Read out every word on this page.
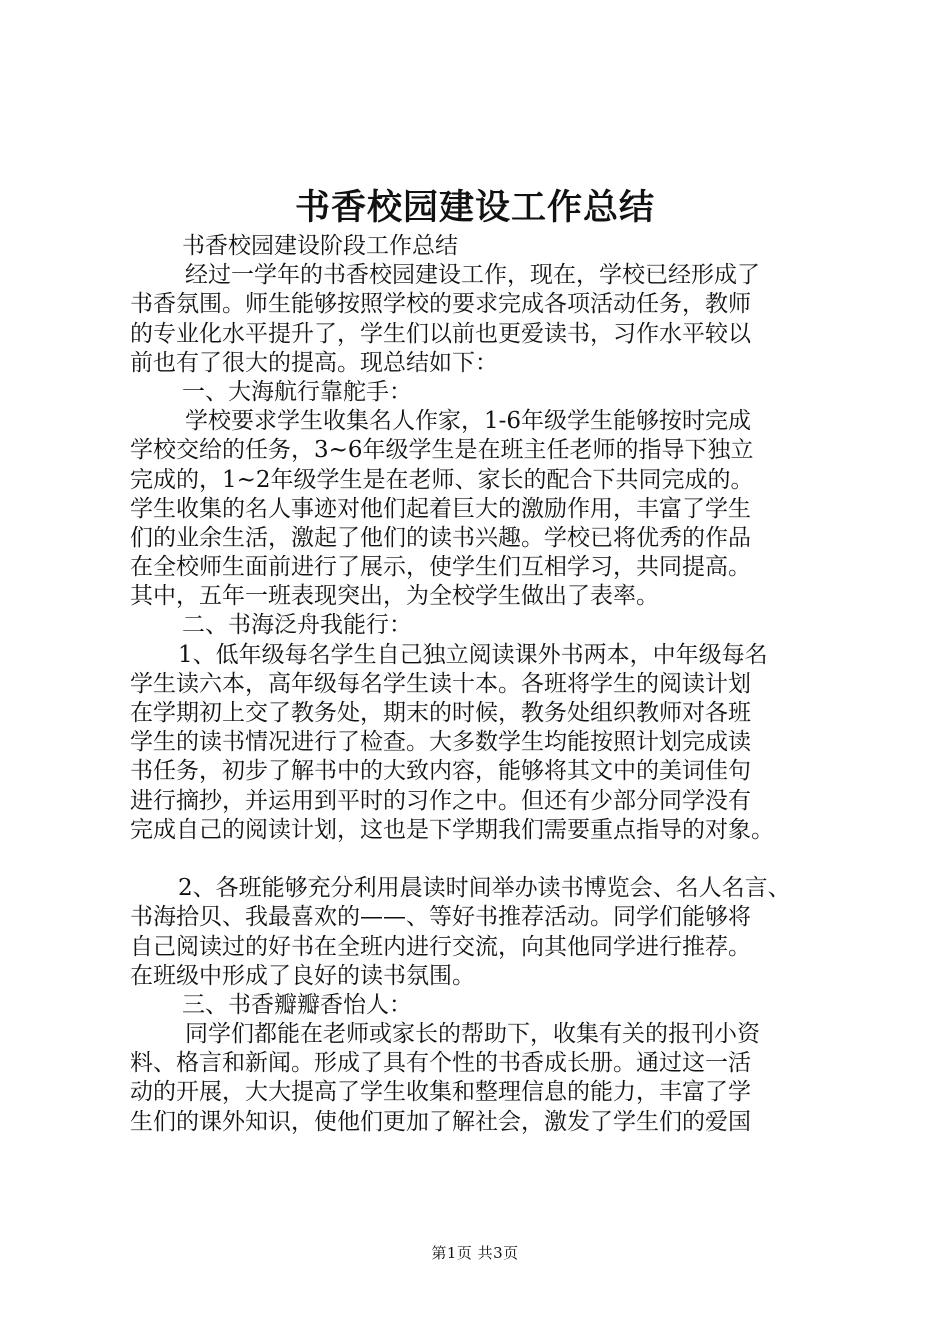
书香校园建设工作总结
书香校园建设阶段工作总结
经过一学年的书香校园建设工作，现在，学校已经形成了
书香氛围。师生能够按照学校的要求完成各项活动任务，教师
的专业化水平提升了，学生们以前也更爱读书，习作水平较以
前也有了很大的提高。现总结如下：
一、大海航行靠舵手：
学校要求学生收集名人作家，1-6年级学生能够按时完成
学校交给的任务，3~6年级学生是在班主任老师的指导下独立
完成的，1~2年级学生是在老师、家长的配合下共同完成的。
学生收集的名人事迹对他们起着巨大的激励作用，丰富了学生
们的业余生活，激起了他们的读书兴趣。学校已将优秀的作品
在全校师生面前进行了展示，使学生们互相学习，共同提高。
其中，五年一班表现突出，为全校学生做出了表率。
二、书海泛舟我能行：
1、低年级每名学生自己独立阅读课外书两本，中年级每名
学生读六本，高年级每名学生读十本。各班将学生的阅读计划
在学期初上交了教务处，期末的时候，教务处组织教师对各班
学生的读书情况进行了检查。大多数学生均能按照计划完成读
书任务，初步了解书中的大致内容，能够将其文中的美词佳句
进行摘抄，并运用到平时的习作之中。但还有少部分同学没有
完成自己的阅读计划，这也是下学期我们需要重点指导的对象。
2、各班能够充分利用晨读时间举办读书博览会、名人名言、
书海拾贝、我最喜欢的——、等好书推荐活动。同学们能够将
自己阅读过的好书在全班内进行交流，向其他同学进行推荐。
在班级中形成了良好的读书氛围。
三、书香瓣瓣香怡人：
同学们都能在老师或家长的帮助下，收集有关的报刊小资
料、格言和新闻。形成了具有个性的书香成长册。通过这一活
动的开展，大大提高了学生收集和整理信息的能力，丰富了学
生们的课外知识，使他们更加了解社会，激发了学生们的爱国
第1页 共3页
